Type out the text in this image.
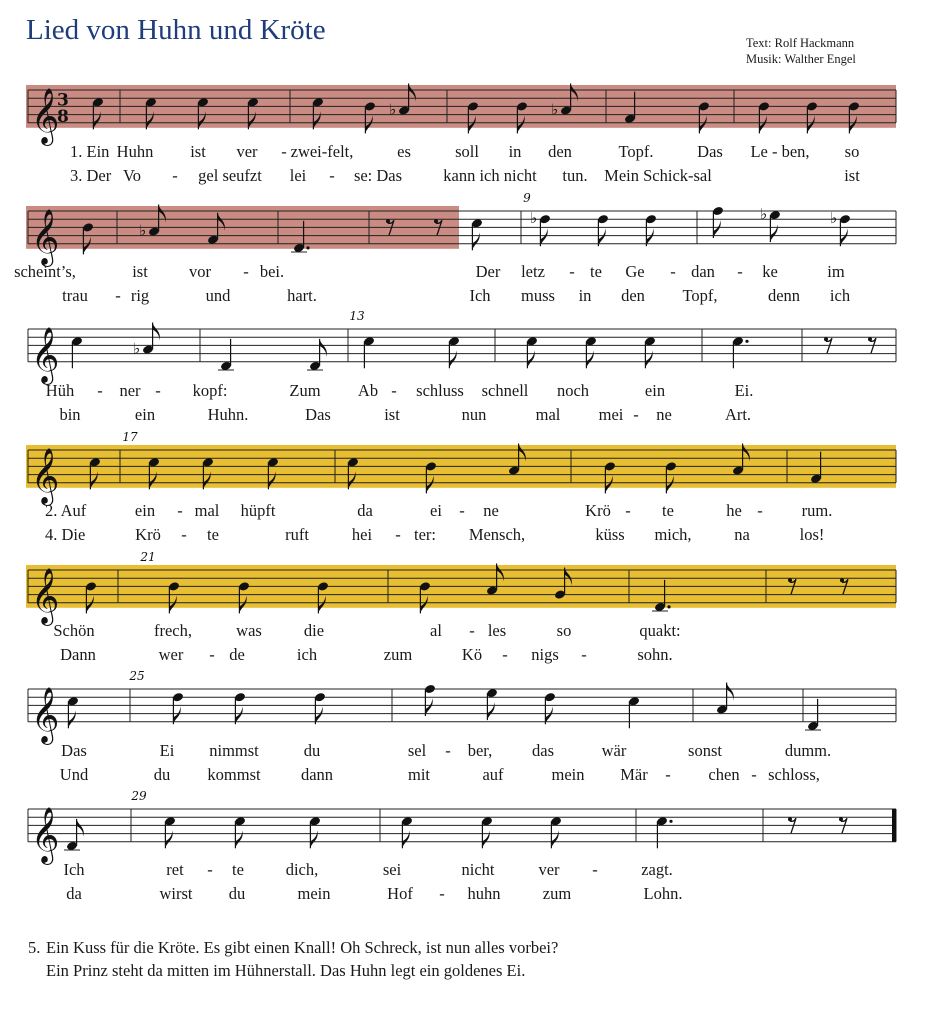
Lied von Huhn und Kröte	Text: Rolf Hackmann
Musik: Walther Engel
𝄞
3
8	♭	♭
𝄞
9
♭
♭	♭	♭
𝄞
13
♭
𝄞
17
𝄞
21
𝄞
25
𝄞
29
5. Ein Kuss für die Kröte. Es gibt einen Knall! Oh Schreck, ist nun alles vorbei?
Ein Prinz steht da mitten im Hühnerstall. Das Huhn legt ein goldenes Ei.
1. Ein Huhn ist ver - zwei-felt,	es	soll in den	Topf.	Das Le - ben, so
3. Der Vo - gel seufzt lei - se: Das kann ich nicht tun. Mein Schick-sal	ist
scheint’s,	ist vor - bei.	Der letz - te Ge - dan - ke	im
trau - rig	und	hart.	Ich muss in den Topf,	denn ich
Hüh - ner - kopf:	Zum Ab - schluss schnell noch	ein	Ei.
bin	ein	Huhn.	Das	ist	nun	mal mei - ne	Art.
2. Auf	ein - mal hüpft	da	ei - ne	Krö - te	he - rum.
4. Die	Krö - te	ruft	hei - ter: Mensch,	küss mich,	na	los!
Schön	frech,	was	die	al - les	so	quakt:
Dann	wer - de	ich	zum	Kö - nigs -	sohn.
Das	Ei nimmst	du	sel - ber, das	wär	sonst	dumm.
Und	du kommst dann	mit	auf	mein Mär - chen - schloss,
Ich	ret - te	dich,	sei	nicht	ver -	zagt.
da	wirst du	mein	Hof - huhn	zum	Lohn.
